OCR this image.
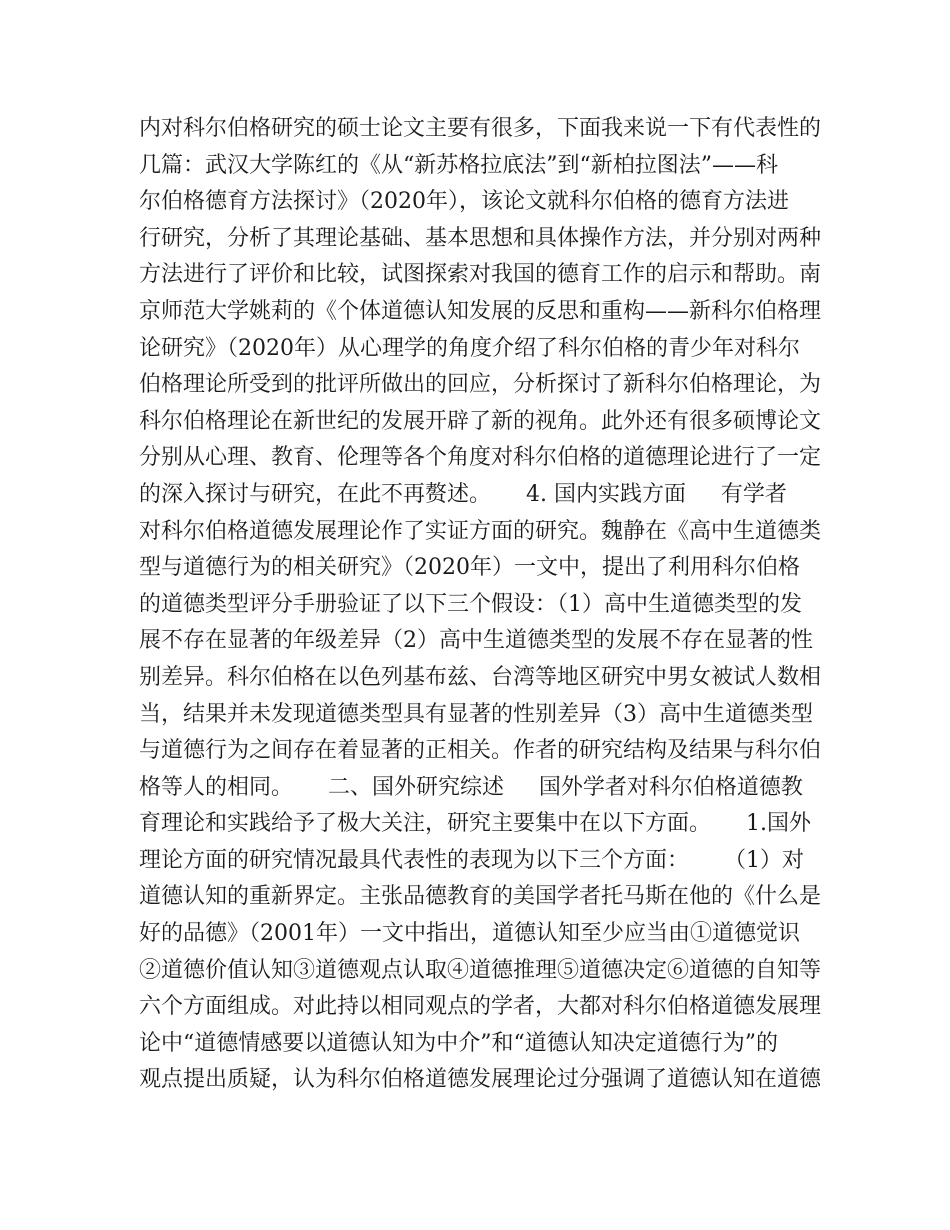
内对科尔伯格研究的硕士论文主要有很多，下面我来说一下有代表性的
几篇：武汉大学陈红的《从“新苏格拉底法”到“新柏拉图法”——科
尔伯格德育方法探讨》（2020年），该论文就科尔伯格的德育方法进
行研究，分析了其理论基础、基本思想和具体操作方法，并分别对两种
方法进行了评价和比较，试图探索对我国的德育工作的启示和帮助。南
京师范大学姚莉的《个体道德认知发展的反思和重构——新科尔伯格理
论研究》（2020年）从心理学的角度介绍了科尔伯格的青少年对科尔
伯格理论所受到的批评所做出的回应，分析探讨了新科尔伯格理论，为
科尔伯格理论在新世纪的发展开辟了新的视角。此外还有很多硕博论文
分别从心理、教育、伦理等各个角度对科尔伯格的道德理论进行了一定
的深入探讨与研究，在此不再赘述。     4. 国内实践方面     有学者
对科尔伯格道德发展理论作了实证方面的研究。魏静在《高中生道德类
型与道德行为的相关研究》（2020年）一文中，提出了利用科尔伯格
的道德类型评分手册验证了以下三个假设：（1）高中生道德类型的发
展不存在显著的年级差异（2）高中生道德类型的发展不存在显著的性
别差异。科尔伯格在以色列基布兹、台湾等地区研究中男女被试人数相
当，结果并未发现道德类型具有显著的性别差异（3）高中生道德类型
与道德行为之间存在着显著的正相关。作者的研究结构及结果与科尔伯
格等人的相同。     二、国外研究综述     国外学者对科尔伯格道德教
育理论和实践给予了极大关注，研究主要集中在以下方面。     1.国外
理论方面的研究情况最具代表性的表现为以下三个方面：     （1）对
道德认知的重新界定。主张品德教育的美国学者托马斯在他的《什么是
好的品德》（2001年）一文中指出，道德认知至少应当由①道德觉识
②道德价值认知③道德观点认取④道德推理⑤道德决定⑥道德的自知等
六个方面组成。对此持以相同观点的学者，大都对科尔伯格道德发展理
论中“道德情感要以道德认知为中介”和“道德认知决定道德行为”的
观点提出质疑，认为科尔伯格道德发展理论过分强调了道德认知在道德
